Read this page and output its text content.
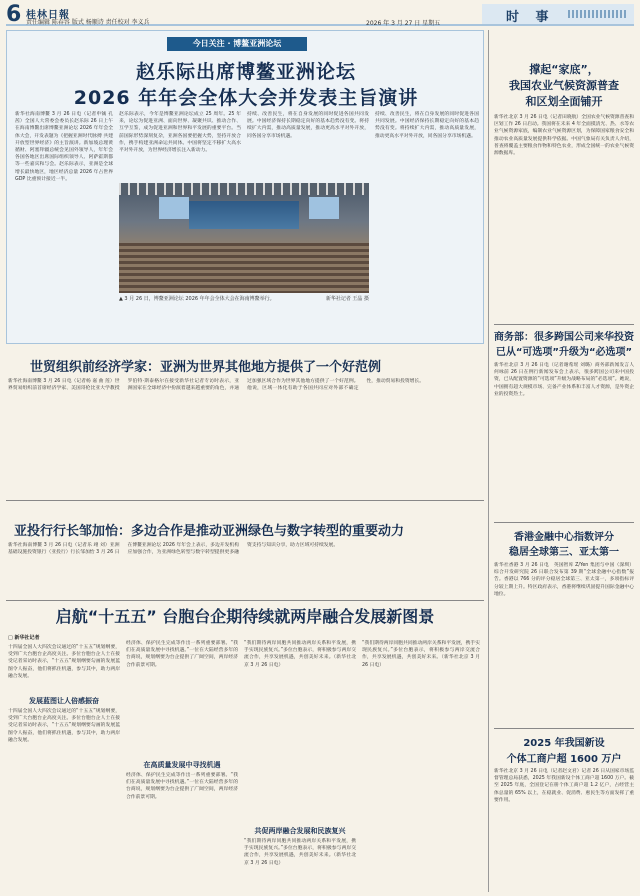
6 桂林日報
责任编辑 陈春容 版式 杨顺诗 责任校对 李义兵	2026 年 3 月 27 日 星期五	时 事
今日关注 · 博鳌亚洲论坛
赵乐际出席博鳌亚洲论坛
2026 年年会全体大会并发表主旨演讲
新华社海南博鳌 3 月 26 日电（记者申铖 孔茜）全国人大常委会委员长赵乐际 26 日上午在海南博鳌出席博鳌亚洲论坛 2026 年年会全体大会，开发表题为《把握亚洲时代脉搏 共建开放型世界经济》的主旨演讲。新加坡总理黄循财、阿塞拜疆总统会见国外领导人，年年会各国各地区出席国际组织领导人、阿萨霍斯都等一些嘉宾和与会。赵乐际表示，亚洲是全球增长最快地区，地区经济总量 2026 年占世界 GDP 比重预计接近一半。
赵乐际表示，今年是博鳌亚洲论坛成立 25 周年。25 年来，论坛为促进亚洲、面向世界、凝聚共识、推动合作、互学互鉴，成为促进亚洲和世界和平发展的重要平台。当前国际形势深刻复杂，亚洲各国要把握大势，坚持开放合作，携手构建亚洲命运共同体。中国将坚定不移扩大高水平对外开放，为世界经济增长注入新动力。
持续、改善民生，将在自身发展的同时促进各国共同发展。中国经济保持长期稳定向好的基本趋势没有变。将持续扩大内需，推动高质量发展，推动更高水平对外开放，同各国分享市场机遇。
持续、改善民生，将在自身发展的同时促进各国共同发展。中国经济保持长期稳定向好的基本趋势没有变。将持续扩大内需，推动高质量发展，推动更高水平对外开放，同各国分享市场机遇。
▲ 3 月 26 日，博鳌亚洲论坛 2026 年年会全体大会在海南博鳌举行。	新华社记者 王晶 摄
世贸组织前经济学家：亚洲为世界其他地方提供了一个好范例
新华社海南博鳌 3 月 26 日电（记者杨 嘉 曲 莲）世界贸易组织前首席经济学家、美国哥伦比亚大学教授罗伯特·斯泰格尔在接受新华社记者专访时表示，亚洲国家在全球经济中扮演着越来越重要的角色，并通过加强区域合作为世界其他地方提供了一个好范例。他说，区域一体化有助于各国共同应对外部不确定性，推动贸易和投资增长。
亚投行行长邹加怡：多边合作是推动亚洲绿色与数字转型的重要动力
新华社海南博鳌 3 月 26 日电（记者乐 翊 刘）亚洲基础设施投资银行（亚投行）行长邹加怡 3 月 26 日在博鳌亚洲论坛 2026 年年会上表示，多边开发机构应加强合作，为亚洲绿色转型与数字转型提供更多融资支持与知识分享，助力区域可持续发展。
启航“十五五” 台胞台企期待续就两岸融合发展新图景
□ 新华社记者
十四届全国人大四次会议通过的“十五五”规划纲要，受到广大台胞台企高度关注。多位台胞台企人士在接受记者采访时表示，“十五五”规划纲要勾画的发展蓝图令人振奋，他们将抓住机遇，参与其中，助力两岸融合发展。
发展蓝图让人倍感振奋
十四届全国人大四次会议通过的“十五五”规划纲要，受到广大台胞台企高度关注。多位台胞台企人士在接受记者采访时表示，“十五五”规划纲要勾画的发展蓝图令人振奋，他们将抓住机遇，参与其中，助力两岸融合发展。
经济体、保护民生完成等作出一系列重要部署。“我们在高质量发展中寻找机遇。”一位在大陆经营多年的台商说，规划纲要为台企提供了广阔空间，两岸经济合作前景可期。
在高质量发展中寻找机遇
经济体、保护民生完成等作出一系列重要部署。“我们在高质量发展中寻找机遇。”一位在大陆经营多年的台商说，规划纲要为台企提供了广阔空间，两岸经济合作前景可期。
“我们期待两岸同胞共同推动两岸关系和平发展，携手实现民族复兴。”多位台胞表示，将积极参与两岸交流合作，共享发展机遇，共创美好未来。（新华社北京 3 月 26 日电）
共促两岸融合发展和民族复兴
“我们期待两岸同胞共同推动两岸关系和平发展，携手实现民族复兴。”多位台胞表示，将积极参与两岸交流合作，共享发展机遇，共创美好未来。（新华社北京 3 月 26 日电）
“我们期待两岸同胞共同推动两岸关系和平发展，携手实现民族复兴。”多位台胞表示，将积极参与两岸交流合作，共享发展机遇，共创美好未来。（新华社北京 3 月 26 日电）
撑起“家底”，
我国农业气候资源普查
和区划全面铺开
新华社北京 3 月 26 日电（记者田晓航）全国农业气候资源普查和区划工作 26 日启动。我国将在未来 4 年全面摸清光、热、水等农业气候资源家底，编制农业气候资源区划，为保障国家粮食安全和推动农业高质量发展提供科学依据。中国气象局有关负责人介绍，普查将覆盖主要粮食作物和特色农业，形成全国统一的农业气候资源数据库。
商务部：很多跨国公司来华投资
已从“可选项”升级为“必选项”
新华社北京 3 月 26 日电（记者谢希瑶 刘璐）商务部新闻发言人何咏前 26 日在例行新闻发布会上表示，很多跨国公司来中国投资，已从配置资源的“可选项”升级为战略布局的“必选项”。她说，中国拥有超大规模市场、完备产业体系和丰富人才资源，是外资企业的投资热土。
香港金融中心指数评分
稳居全球第三、亚太第一
新华社香港 3 月 26 日电　英国智库 Z/Yen 集团与中国（深圳）综合开发研究院 26 日联合发布第 39 期“全球金融中心指数”报告。香港以 766 分的评分稳居全球第三、亚太第一，多项指标评分较上期上升。特区政府表示，香港将继续巩固提升国际金融中心地位。
2025 年我国新设
个体工商户超 1600 万户
新华社北京 3 月 26 日电（记者赵文君）记者 26 日从国家市场监督管理总局获悉，2025 年我国新设个体工商户超 1600 万户。截至 2025 年底，全国登记在册个体工商户超 1.2 亿户，占经营主体总量的 65% 以上，在稳就业、促消费、惠民生等方面发挥了重要作用。
